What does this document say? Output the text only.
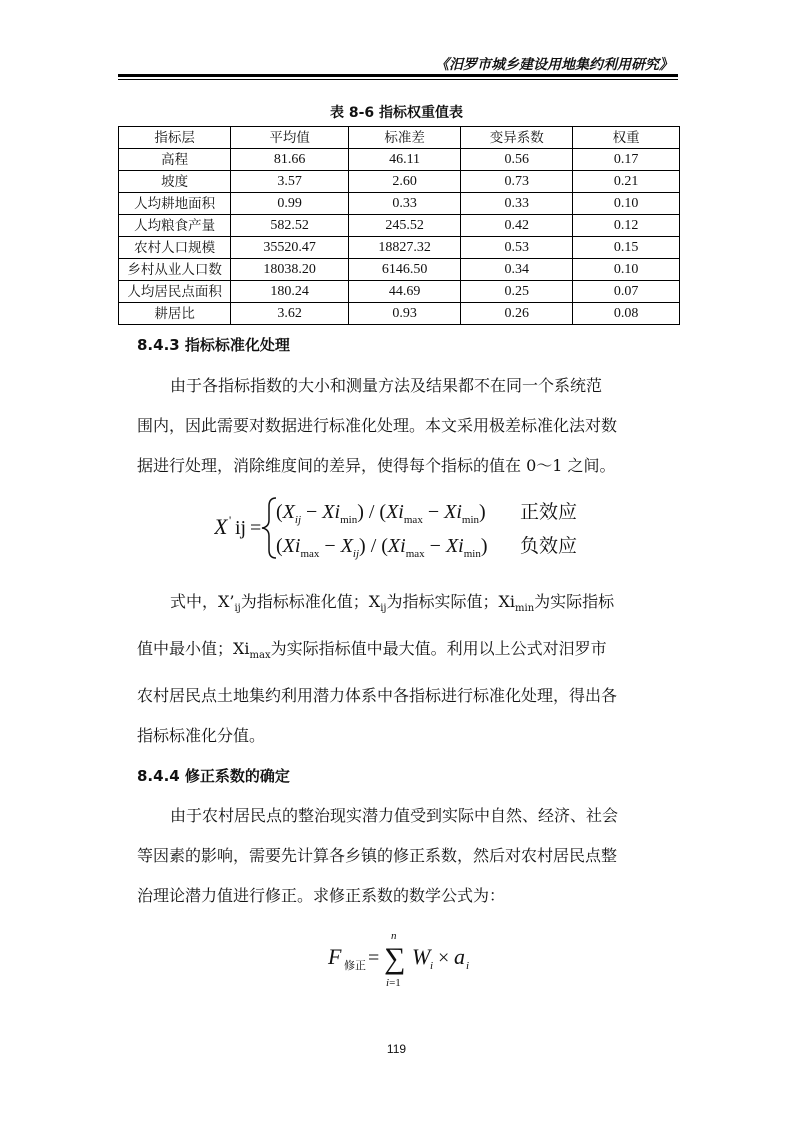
《汨罗市城乡建设用地集约利用研究》
表 8-6 指标权重值表
指标层	平均值	标准差	变异系数	权重
高程	81.66	46.11	0.56	0.17
坡度	3.57	2.60	0.73	0.21
人均耕地面积	0.99	0.33	0.33	0.10
人均粮食产量	582.52	245.52	0.42	0.12
农村人口规模	35520.47	18827.32	0.53	0.15
乡村从业人口数	18038.20	6146.50	0.34	0.10
人均居民点面积	180.24	44.69	0.25	0.07
耕居比	3.62	0.93	0.26	0.08
8.4.3 指标标准化处理
由于各指标指数的大小和测量方法及结果都不在同一个系统范
围内，因此需要对数据进行标准化处理。本文采用极差标准化法对数
据进行处理，消除维度间的差异，使得每个指标的值在 0～1 之间。
X ' ij =
$(X_{ij} - Xi_{min}) / (Xi_{max} - Xi_{min})$ 正效应
$(Xi_{max} - X_{ij}) / (Xi_{max} - Xi_{min})$ 负效应
式中，$X’_{ij}$为指标标准化值；$X_{ij}$为指标实际值；$Xi_{min}$为实际指标
值中最小值；$Xi_{max}$为实际指标值中最大值。利用以上公式对汨罗市
农村居民点土地集约利用潜力体系中各指标进行标准化处理，得出各
指标标准化分值。
8.4.4 修正系数的确定
由于农村居民点的整治现实潜力值受到实际中自然、经济、社会
等因素的影响，需要先计算各乡镇的修正系数，然后对农村居民点整
治理论潜力值进行修正。求修正系数的数学公式为：
F 修正 = ∑
n
i=1
W i × a i
119
